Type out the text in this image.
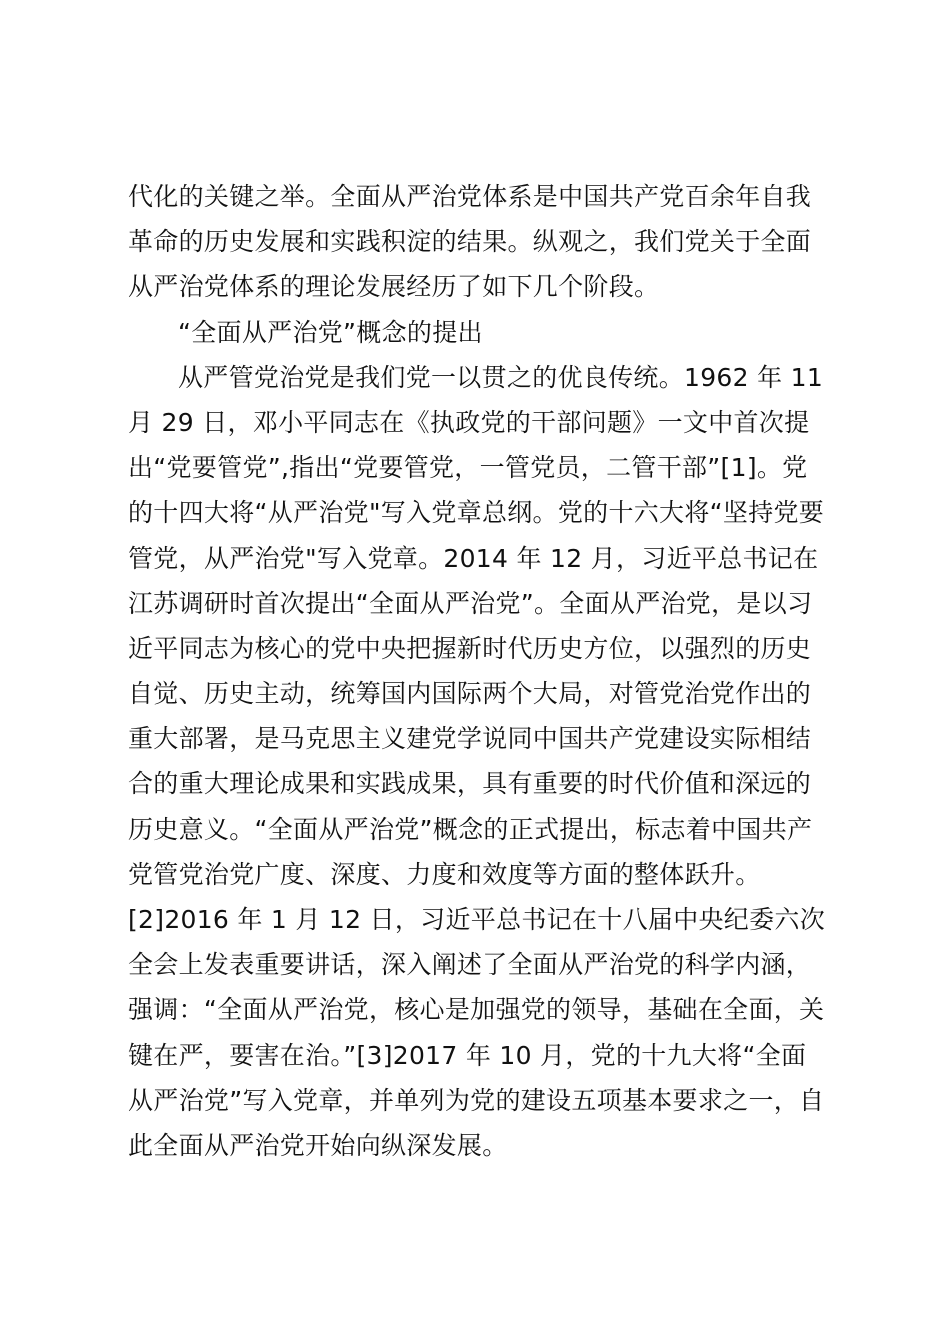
代化的关键之举。全面从严治党体系是中国共产党百余年自我
革命的历史发展和实践积淀的结果。纵观之，我们党关于全面
从严治党体系的理论发展经历了如下几个阶段。
“全面从严治党”概念的提出
从严管党治党是我们党一以贯之的优良传统。1962 年 11
月 29 日，邓小平同志在《执政党的干部问题》一文中首次提
出“党要管党”,指出“党要管党，一管党员，二管干部”[1]。党
的十四大将“从严治党"写入党章总纲。党的十六大将“坚持党要
管党，从严治党"写入党章。2014 年 12 月，习近平总书记在
江苏调研时首次提出“全面从严治党”。全面从严治党，是以习
近平同志为核心的党中央把握新时代历史方位，以强烈的历史
自觉、历史主动，统筹国内国际两个大局，对管党治党作出的
重大部署，是马克思主义建党学说同中国共产党建设实际相结
合的重大理论成果和实践成果，具有重要的时代价值和深远的
历史意义。“全面从严治党”概念的正式提出，标志着中国共产
党管党治党广度、深度、力度和效度等方面的整体跃升。
[2]2016 年 1 月 12 日，习近平总书记在十八届中央纪委六次
全会上发表重要讲话，深入阐述了全面从严治党的科学内涵，
强调：“全面从严治党，核心是加强党的领导，基础在全面，关
键在严，要害在治。”[3]2017 年 10 月，党的十九大将“全面
从严治党”写入党章，并单列为党的建设五项基本要求之一，自
此全面从严治党开始向纵深发展。
